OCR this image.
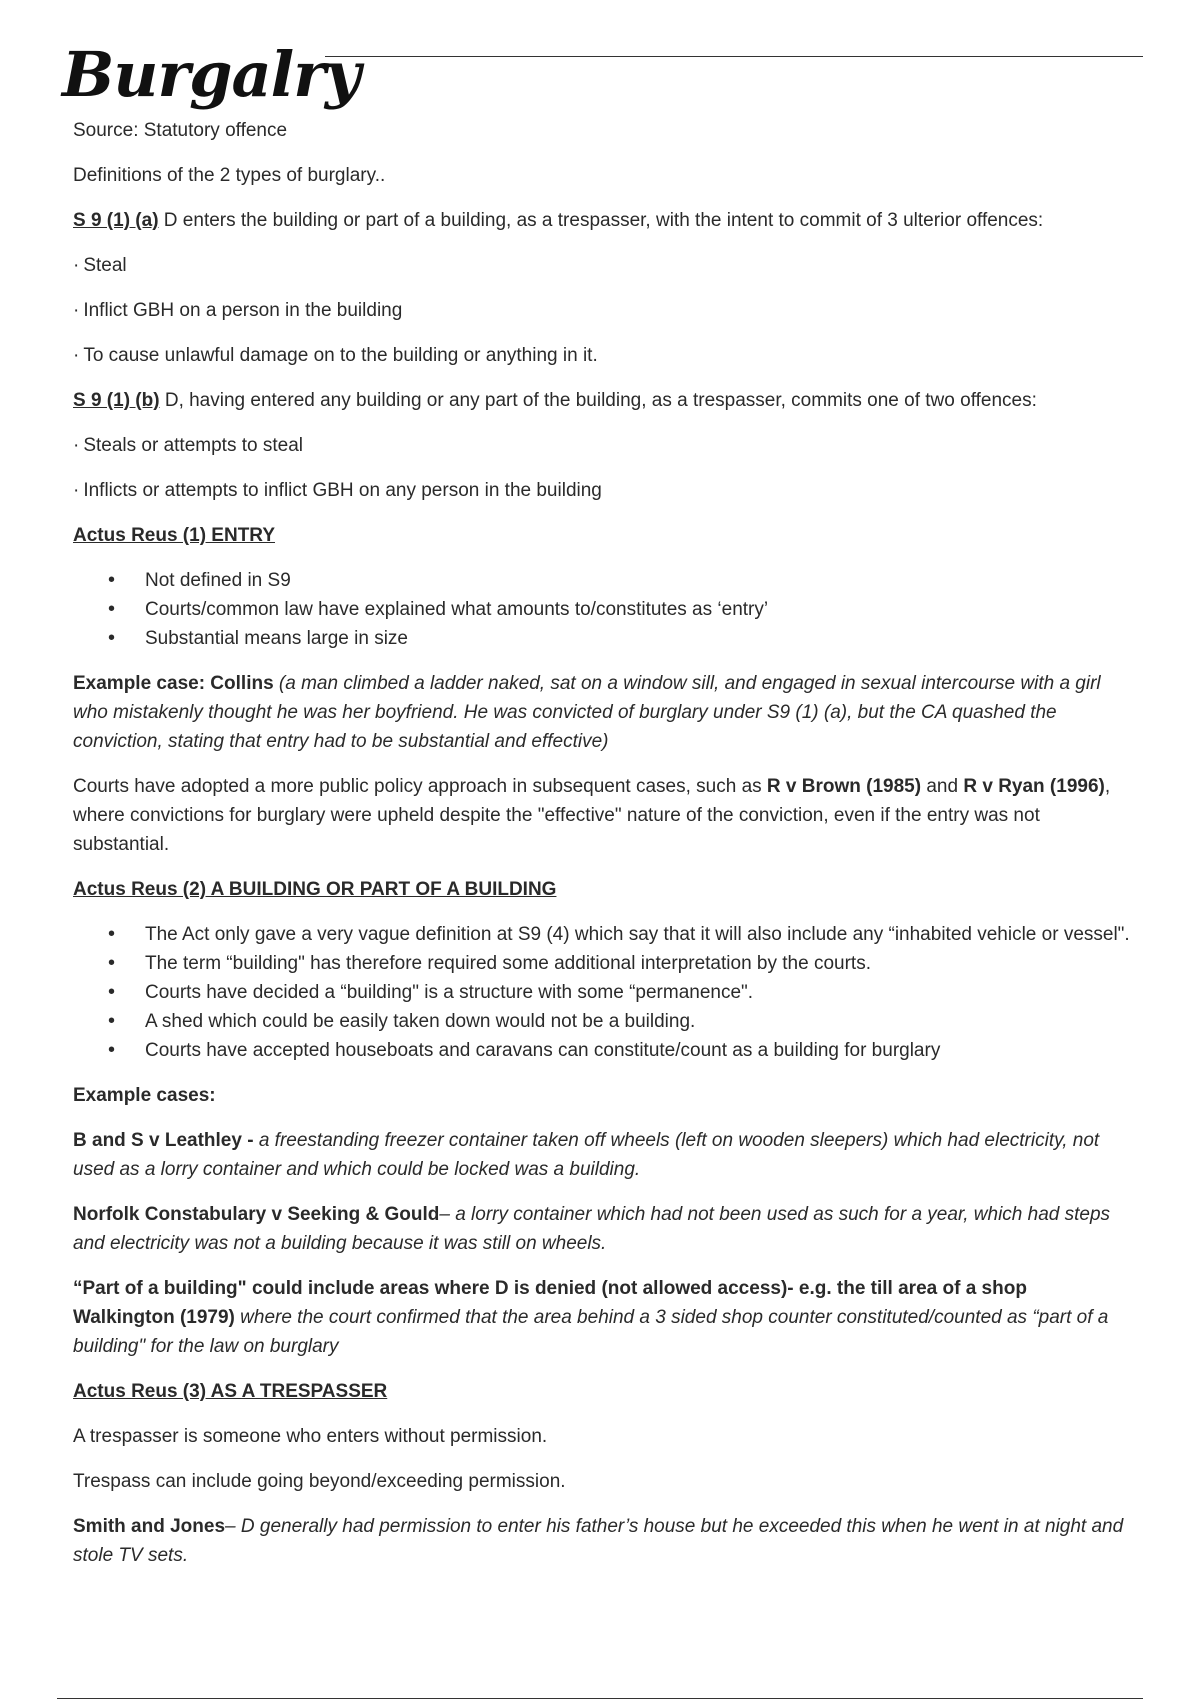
Burgalry

Source: Statutory offence

Definitions of the 2 types of burglary..

S 9 (1) (a) D enters the building or part of a building, as a trespasser, with the intent to commit of 3 ulterior offences:

· Steal

· Inflict GBH on a person in the building

· To cause unlawful damage on to the building or anything in it.

S 9 (1) (b) D, having entered any building or any part of the building, as a trespasser, commits one of two offences:

· Steals or attempts to steal

· Inflicts or attempts to inflict GBH on any person in the building

Actus Reus (1) ENTRY

• Not defined in S9
• Courts/common law have explained what amounts to/constitutes as ‘entry’
• Substantial means large in size

Example case: Collins (a man climbed a ladder naked, sat on a window sill, and engaged in sexual intercourse with a girl who mistakenly thought he was her boyfriend. He was convicted of burglary under S9 (1) (a), but the CA quashed the conviction, stating that entry had to be substantial and effective)

Courts have adopted a more public policy approach in subsequent cases, such as R v Brown (1985) and R v Ryan (1996), where convictions for burglary were upheld despite the "effective" nature of the conviction, even if the entry was not substantial.

Actus Reus (2) A BUILDING OR PART OF A BUILDING

• The Act only gave a very vague definition at S9 (4) which say that it will also include any “inhabited vehicle or vessel".
• The term “building" has therefore required some additional interpretation by the courts.
• Courts have decided a “building" is a structure with some “permanence".
• A shed which could be easily taken down would not be a building.
• Courts have accepted houseboats and caravans can constitute/count as a building for burglary

Example cases:

B and S v Leathley - a freestanding freezer container taken off wheels (left on wooden sleepers) which had electricity, not used as a lorry container and which could be locked was a building.

Norfolk Constabulary v Seeking & Gould– a lorry container which had not been used as such for a year, which had steps and electricity was not a building because it was still on wheels.

“Part of a building" could include areas where D is denied (not allowed access)- e.g. the till area of a shop

Walkington (1979) where the court confirmed that the area behind a 3 sided shop counter constituted/counted as “part of a building" for the law on burglary

Actus Reus (3) AS A TRESPASSER

A trespasser is someone who enters without permission.

Trespass can include going beyond/exceeding permission.

Smith and Jones– D generally had permission to enter his father’s house but he exceeded this when he went in at night and stole TV sets.
